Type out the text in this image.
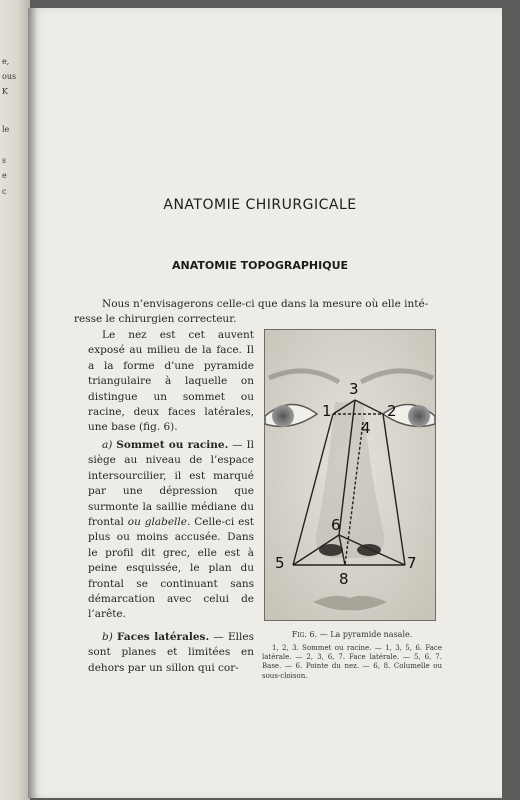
e,
ous
K
le
s
e
c
ANATOMIE CHIRURGICALE
ANATOMIE TOPOGRAPHIQUE
Nous n’envisagerons celle-ci que dans la mesure où elle inté-
resse le chirurgien correcteur.
Le nez est cet auvent exposé au milieu de la face. Il a la forme d’une pyramide triangulaire à laquelle on distingue un sommet ou racine, deux faces latérales, une base (fig. 6).
a) Sommet ou racine. — Il siège au niveau de l’espace intersourcilier, il est marqué par une dépression que surmonte la saillie médiane du frontal ou glabelle. Celle-ci est plus ou moins accusée. Dans le profil dit grec, elle est à peine esquissée, le plan du frontal se continuant sans démarcation avec celui de l’arête.
b) Faces latérales. — Elles sont planes et limitées en dehors par un sillon qui cor-
3
1	2
4
6
5	7
8
Fig. 6. — La pyramide nasale.
1, 2, 3. Sommet ou racine. — 1, 3, 5, 6. Face latérale. — 2, 3, 6, 7. Face latérale. — 5, 6, 7. Base. — 6. Pointe du nez. — 6, 8. Columelle ou sous-cloison.
